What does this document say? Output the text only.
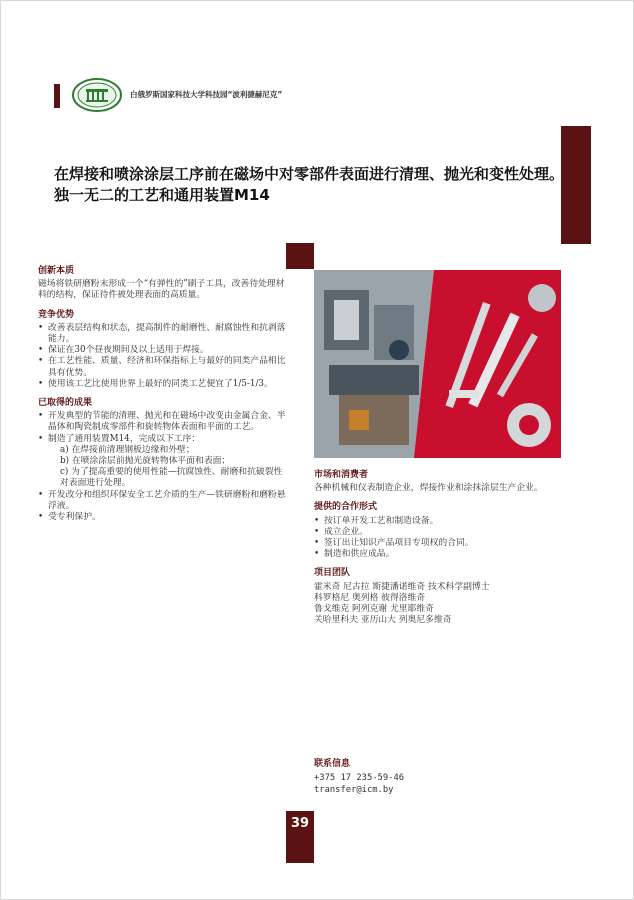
白俄罗斯国家科技大学科技园“波利捷赫尼克”
在焊接和喷涂涂层工序前在磁场中对零部件表面进行清理、抛光和变性处理。独一无二的工艺和通用装置M14
创新本质
磁场将铁研磨粉末形成一个“有弹性的”刷子工具，改善待处理材料的结构，保证待件被处理表面的高质量。
竞争优势
• 改善表层结构和状态，提高制件的耐磨性、耐腐蚀性和抗剥落能力。
• 保证在30个昼夜期间及以上适用于焊接。
• 在工艺性能、质量、经济和环保指标上与最好的同类产品相比具有优势。
• 使用该工艺比使用世界上最好的同类工艺便宜了1/5-1/3。
已取得的成果
• 开发典型的节能的清理、抛光和在磁场中改变由金属合金、半晶体和陶瓷制成零部件和旋转物体表面和平面的工艺。
• 制造了通用装置M14，完成以下工序：
a) 在焊接前清理钢板边缘和外壁；
b) 在喷涂涂层前抛光旋转物体平面和表面；
c) 为了提高重要的使用性能—抗腐蚀性、耐磨和抗破裂性对表面进行处理。
• 开发改分和组织环保安全工艺介质的生产—铁研磨粉和磨粉悬浮液。
• 受专利保护。
市场和消费者
各种机械和仪表制造企业，焊接作业和涂抹涂层生产企业。
提供的合作形式
• 按订单开发工艺和制造设备。
• 成立企业。
• 签订出让知识产品项目专项权的合同。
• 制造和供应成品。
项目团队
霍米奇 尼古拉 斯捷潘诺维奇 技术科学副博士
科罗格尼 奥列格 彼得洛维奇
鲁戈维克 阿列克谢 尤里耶维奇
关哈里科夫 亚历山大 列奥尼多维奇
联系信息
+375 17 235-59-46
transfer@icm.by
39
